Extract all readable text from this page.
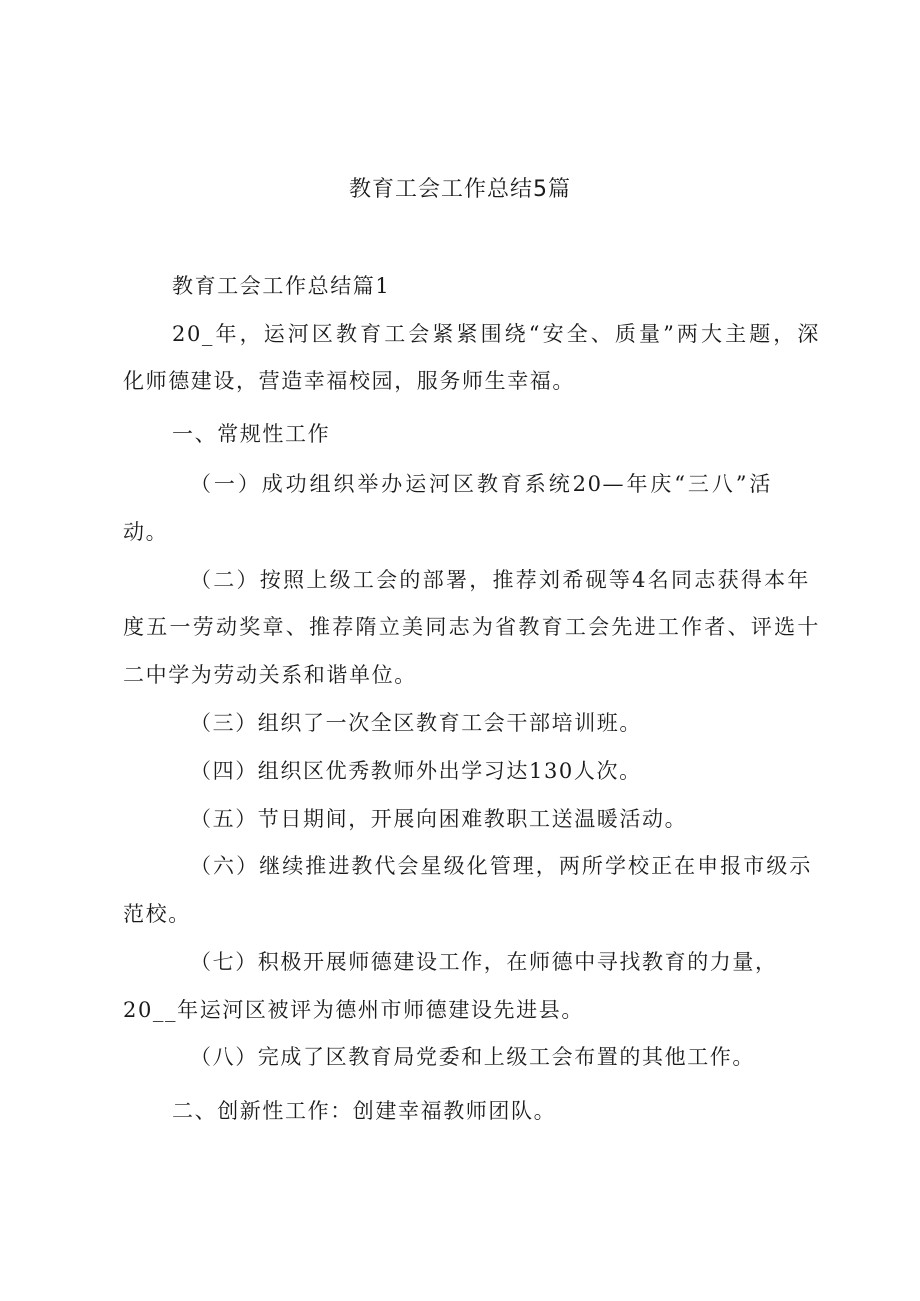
教育工会工作总结5篇
教育工会工作总结篇1
20_年，运河区教育工会紧紧围绕“安全、质量”两大主题，深
化师德建设，营造幸福校园，服务师生幸福。
一、常规性工作
（一）成功组织举办运河区教育系统20—年庆“三八”活
动。
（二）按照上级工会的部署，推荐刘希砚等4名同志获得本年
度五一劳动奖章、推荐隋立美同志为省教育工会先进工作者、评选十
二中学为劳动关系和谐单位。
（三）组织了一次全区教育工会干部培训班。
（四）组织区优秀教师外出学习达130人次。
（五）节日期间，开展向困难教职工送温暖活动。
（六）继续推进教代会星级化管理，两所学校正在申报市级示
范校。
（七）积极开展师德建设工作，在师德中寻找教育的力量，
20__年运河区被评为德州市师德建设先进县。
（八）完成了区教育局党委和上级工会布置的其他工作。
二、创新性工作：创建幸福教师团队。
